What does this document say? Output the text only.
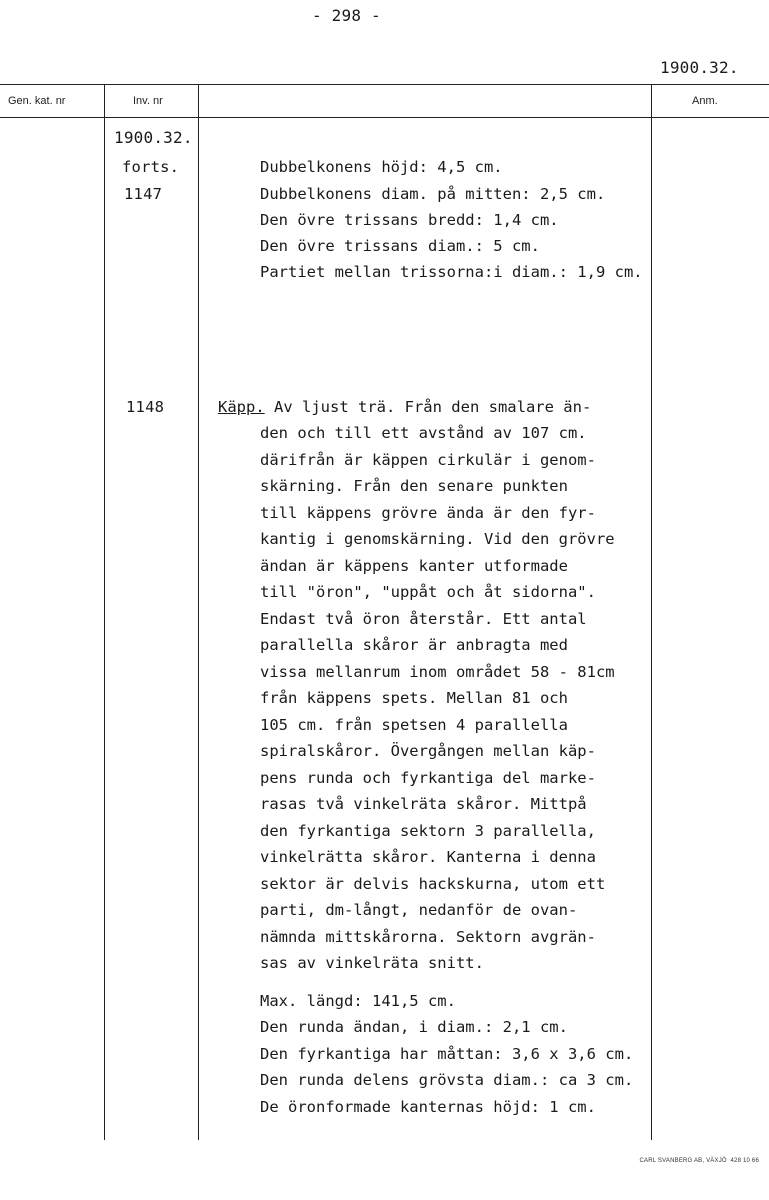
- 298 -
1900.32.
Gen. kat. nr	Inv. nr	Anm.
1900.32.
forts.
1147
1148
Dubbelkonens höjd: 4,5 cm.
Dubbelkonens diam. på mitten: 2,5 cm.
Den övre trissans bredd: 1,4 cm.
Den övre trissans diam.: 5 cm.
Partiet mellan trissorna:i diam.: 1,9 cm.
Käpp. Av ljust trä. Från den smalare än-
den och till ett avstånd av 107 cm.
därifrån är käppen cirkulär i genom-
skärning. Från den senare punkten
till käppens grövre ända är den fyr-
kantig i genomskärning. Vid den grövre
ändan är käppens kanter utformade
till "öron", "uppåt och åt sidorna".
Endast två öron återstår. Ett antal
parallella skåror är anbragta med
vissa mellanrum inom området 58 - 81cm
från käppens spets. Mellan 81 och
105 cm. från spetsen 4 parallella
spiralskåror. Övergången mellan käp-
pens runda och fyrkantiga del marke-
rasas två vinkelräta skåror. Mittpå
den fyrkantiga sektorn 3 parallella,
vinkelrätta skåror. Kanterna i denna
sektor är delvis hackskurna, utom ett
parti, dm-långt, nedanför de ovan-
nämnda mittskårorna. Sektorn avgrän-
sas av vinkelräta snitt.
Max. längd: 141,5 cm.
Den runda ändan, i diam.: 2,1 cm.
Den fyrkantiga har måttan: 3,6 x 3,6 cm.
Den runda delens grövsta diam.: ca 3 cm.
De öronformade kanternas höjd: 1 cm.
CARL SVANBERG AB, VÄXJÖ  428 10 66
